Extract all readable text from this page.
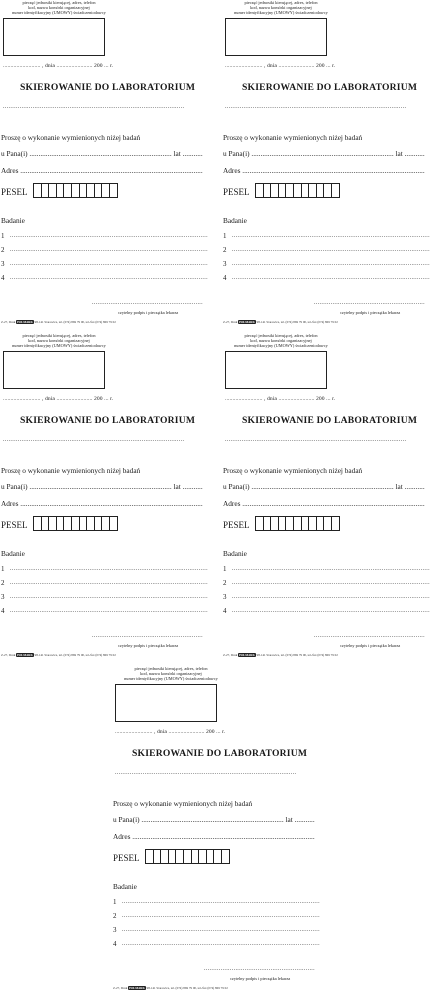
pieczęć jednostki kierującej, adres, telefon
kod, nazwa komórki organizacyjnej
numer identyfikacyjny (UMOWY) świadczeniodawcy
......................... , dnia ........................ 200 ... r.
SKIEROWANIE DO LABORATORIUM
..................................................................................................
Proszę o wykonanie wymienionych niżej badań
u Pana(i) .............................................................................. lat ...........
Adres ....................................................................................................
PESEL
Badanie
1 ...........................................................................................................
2 ...........................................................................................................
3 ...........................................................................................................
4 ...........................................................................................................
............................................................
czytelny podpis i pieczątka lekarza
Z-27, Druk POLMARK 98-141 Starowice, tel. (074) 869 79 00, tel./fax (074) 869 79 02
pieczęć jednostki kierującej, adres, telefon
kod, nazwa komórki organizacyjnej
numer identyfikacyjny (UMOWY) świadczeniodawcy
......................... , dnia ........................ 200 ... r.
SKIEROWANIE DO LABORATORIUM
..................................................................................................
Proszę o wykonanie wymienionych niżej badań
u Pana(i) .............................................................................. lat ...........
Adres ....................................................................................................
PESEL
Badanie
1 ...........................................................................................................
2 ...........................................................................................................
3 ...........................................................................................................
4 ...........................................................................................................
............................................................
czytelny podpis i pieczątka lekarza
Z-27, Druk POLMARK 98-141 Starowice, tel. (074) 869 79 00, tel./fax (074) 869 79 02
pieczęć jednostki kierującej, adres, telefon
kod, nazwa komórki organizacyjnej
numer identyfikacyjny (UMOWY) świadczeniodawcy
......................... , dnia ........................ 200 ... r.
SKIEROWANIE DO LABORATORIUM
..................................................................................................
Proszę o wykonanie wymienionych niżej badań
u Pana(i) .............................................................................. lat ...........
Adres ....................................................................................................
PESEL
Badanie
1 ...........................................................................................................
2 ...........................................................................................................
3 ...........................................................................................................
4 ...........................................................................................................
............................................................
czytelny podpis i pieczątka lekarza
Z-27, Druk POLMARK 98-141 Starowice, tel. (074) 869 79 00, tel./fax (074) 869 79 02
pieczęć jednostki kierującej, adres, telefon
kod, nazwa komórki organizacyjnej
numer identyfikacyjny (UMOWY) świadczeniodawcy
......................... , dnia ........................ 200 ... r.
SKIEROWANIE DO LABORATORIUM
..................................................................................................
Proszę o wykonanie wymienionych niżej badań
u Pana(i) .............................................................................. lat ...........
Adres ....................................................................................................
PESEL
Badanie
1 ...........................................................................................................
2 ...........................................................................................................
3 ...........................................................................................................
4 ...........................................................................................................
............................................................
czytelny podpis i pieczątka lekarza
Z-27, Druk POLMARK 98-141 Starowice, tel. (074) 869 79 00, tel./fax (074) 869 79 02
pieczęć jednostki kierującej, adres, telefon
kod, nazwa komórki organizacyjnej
numer identyfikacyjny (UMOWY) świadczeniodawcy
......................... , dnia ........................ 200 ... r.
SKIEROWANIE DO LABORATORIUM
..................................................................................................
Proszę o wykonanie wymienionych niżej badań
u Pana(i) .............................................................................. lat ...........
Adres ....................................................................................................
PESEL
Badanie
1 ...........................................................................................................
2 ...........................................................................................................
3 ...........................................................................................................
4 ...........................................................................................................
............................................................
czytelny podpis i pieczątka lekarza
Z-27, Druk POLMARK 98-141 Starowice, tel. (074) 869 79 00, tel./fax (074) 869 79 02
